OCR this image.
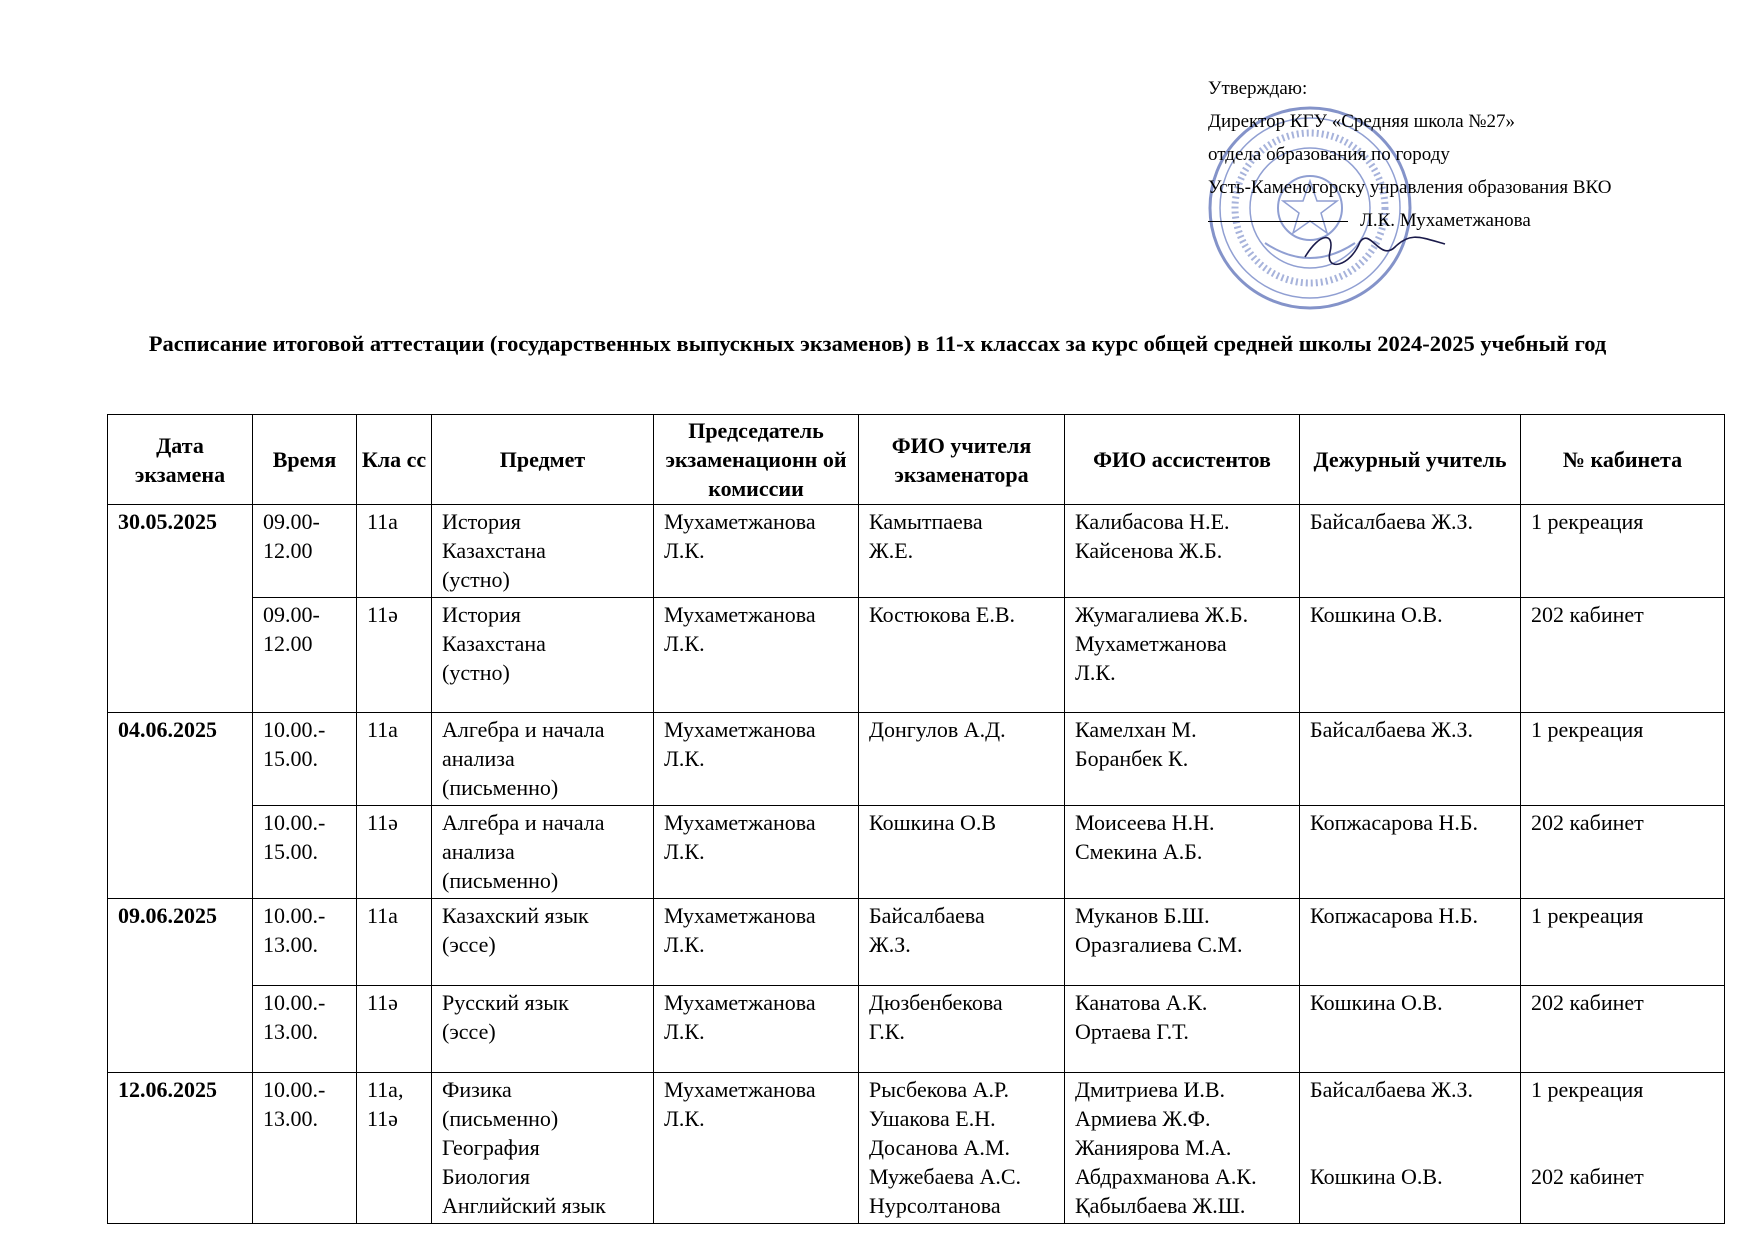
Утверждаю:
Директор КГУ «Средняя школа №27»
отдела образования по городу
Усть-Каменогорску управления образования ВКО
Л.К. Мухаметжанова
Расписание итоговой аттестации (государственных выпускных экзаменов) в 11-х классах за курс общей средней школы 2024-2025 учебный год
Дата экзамена	Время	Кла сс	Предмет	Председатель экзаменационн ой комиссии	ФИО учителя экзаменатора	ФИО ассистентов	Дежурный учитель	№ кабинета
30.05.2025	09.00-
12.00	11а	История
Казахстана
(устно)	Мухаметжанова
Л.К.	Камытпаева
Ж.Е.	Калибасова Н.Е.
Кайсенова Ж.Б.	Байсалбаева Ж.З.	1 рекреация
	09.00-
12.00	11ә	История
Казахстана
(устно)	Мухаметжанова
Л.К.	Костюкова Е.В.	Жумагалиева Ж.Б.
Мухаметжанова
Л.К.	Кошкина О.В.	202 кабинет
04.06.2025	10.00.-
15.00.	11а	Алгебра и начала
анализа
(письменно)	Мухаметжанова
Л.К.	Донгулов А.Д.	Камелхан М.
Боранбек К.	Байсалбаева Ж.З.	1 рекреация
	10.00.-
15.00.	11ә	Алгебра и начала
анализа
(письменно)	Мухаметжанова
Л.К.	Кошкина О.В	Моисеева Н.Н.
Смекина А.Б.	Копжасарова Н.Б.	202 кабинет
09.06.2025	10.00.-
13.00.	11а	Казахский язык
(эссе)	Мухаметжанова
Л.К.	Байсалбаева
Ж.З.	Муканов Б.Ш.
Оразгалиева С.М.	Копжасарова Н.Б.	1 рекреация
	10.00.-
13.00.	11ә	Русский язык
(эссе)	Мухаметжанова
Л.К.	Дюзбенбекова
Г.К.	Канатова А.К.
Ортаева Г.Т.	Кошкина О.В.	202 кабинет
12.06.2025	10.00.-
13.00.	11а,
11ә	Физика
(письменно)
География
Биология
Английский язык	Мухаметжанова
Л.К.	Рысбекова А.Р.
Ушакова Е.Н.
Досанова А.М.
Мужебаева А.С.
Нурсолтанова	Дмитриева И.В.
Армиева Ж.Ф.
Жаниярова М.А.
Абдрахманова А.К.
Қабылбаева Ж.Ш.	Байсалбаева Ж.З.
Кошкина О.В.	1 рекреация
202 кабинет
